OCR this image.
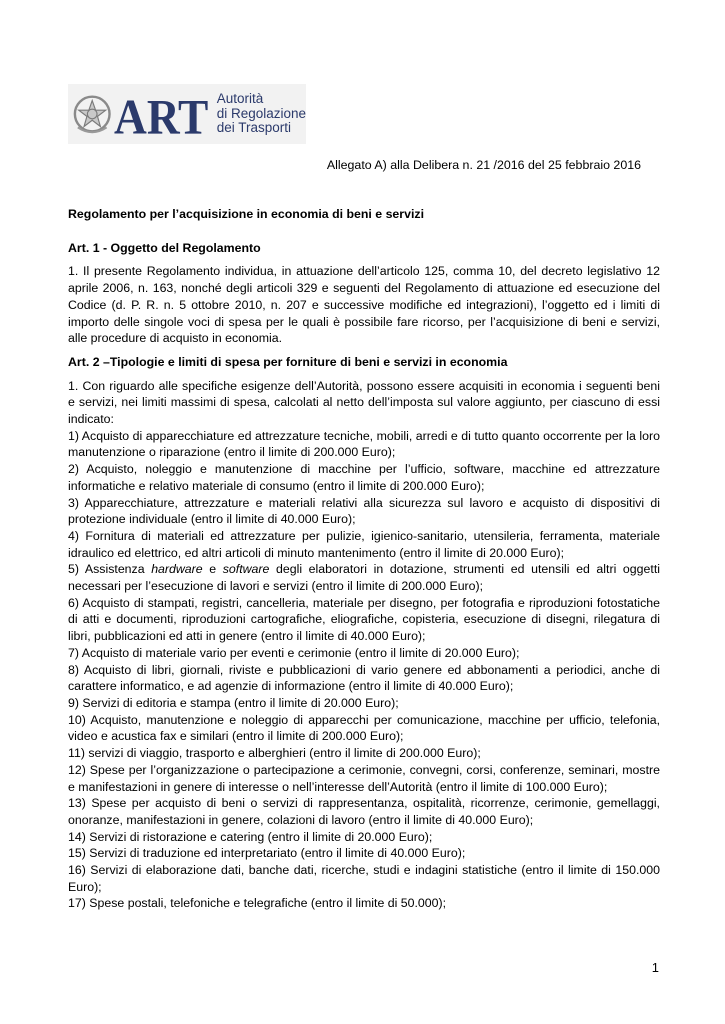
ART Autorità
di Regolazione
dei Trasporti
Allegato A) alla Delibera n. 21 /2016 del 25 febbraio 2016

Regolamento per l’acquisizione in economia di beni e servizi

Art. 1 - Oggetto del Regolamento

1. Il presente Regolamento individua, in attuazione dell’articolo 125, comma 10, del decreto legislativo 12 aprile 2006, n. 163, nonché degli articoli 329 e seguenti del Regolamento di attuazione ed esecuzione del Codice (d. P. R. n. 5 ottobre 2010, n. 207 e successive modifiche ed integrazioni), l’oggetto ed i limiti di importo delle singole voci di spesa per le quali è possibile fare ricorso, per l’acquisizione di beni e servizi, alle procedure di acquisto in economia.

Art. 2 –Tipologie e limiti di spesa per forniture di beni e servizi in economia

1. Con riguardo alle specifiche esigenze dell’Autorità, possono essere acquisiti in economia i seguenti beni e servizi, nei limiti massimi di spesa, calcolati al netto dell’imposta sul valore aggiunto, per ciascuno di essi indicato:

1) Acquisto di apparecchiature ed attrezzature tecniche, mobili, arredi e di tutto quanto occorrente per la loro manutenzione o riparazione (entro il limite di 200.000 Euro);

2) Acquisto, noleggio e manutenzione di macchine per l’ufficio, software, macchine ed attrezzature informatiche e relativo materiale di consumo (entro il limite di 200.000 Euro);

3) Apparecchiature, attrezzature e materiali relativi alla sicurezza sul lavoro e acquisto di dispositivi di protezione individuale (entro il limite di 40.000 Euro);

4) Fornitura di materiali ed attrezzature per pulizie, igienico-sanitario, utensileria, ferramenta, materiale idraulico ed elettrico, ed altri articoli di minuto mantenimento (entro il limite di 20.000 Euro);

5) Assistenza hardware e software degli elaboratori in dotazione, strumenti ed utensili ed altri oggetti necessari per l’esecuzione di lavori e servizi (entro il limite di 200.000 Euro);

6) Acquisto di stampati, registri, cancelleria, materiale per disegno, per fotografia e riproduzioni fotostatiche di atti e documenti, riproduzioni cartografiche, eliografiche, copisteria, esecuzione di disegni, rilegatura di libri, pubblicazioni ed atti in genere (entro il limite di 40.000 Euro);

7) Acquisto di materiale vario per eventi e cerimonie (entro il limite di 20.000 Euro);

8) Acquisto di libri, giornali, riviste e pubblicazioni di vario genere ed abbonamenti a periodici, anche di carattere informatico, e ad agenzie di informazione (entro il limite di 40.000 Euro);

9) Servizi di editoria e stampa (entro il limite di 20.000 Euro);

10) Acquisto, manutenzione e noleggio di apparecchi per comunicazione, macchine per ufficio, telefonia, video e acustica fax e similari (entro il limite di 200.000 Euro);

11) servizi di viaggio, trasporto e alberghieri (entro il limite di 200.000 Euro);

12) Spese per l’organizzazione o partecipazione a cerimonie, convegni, corsi, conferenze, seminari, mostre e manifestazioni in genere di interesse o nell’interesse dell’Autorità (entro il limite di 100.000 Euro);

13) Spese per acquisto di beni o servizi di rappresentanza, ospitalità, ricorrenze, cerimonie, gemellaggi, onoranze, manifestazioni in genere, colazioni di lavoro (entro il limite di 40.000 Euro);

14) Servizi di ristorazione e catering (entro il limite di 20.000 Euro);

15) Servizi di traduzione ed interpretariato (entro il limite di 40.000 Euro);

16) Servizi di elaborazione dati, banche dati, ricerche, studi e indagini statistiche (entro il limite di 150.000 Euro);

17) Spese postali, telefoniche e telegrafiche (entro il limite di 50.000);

1
